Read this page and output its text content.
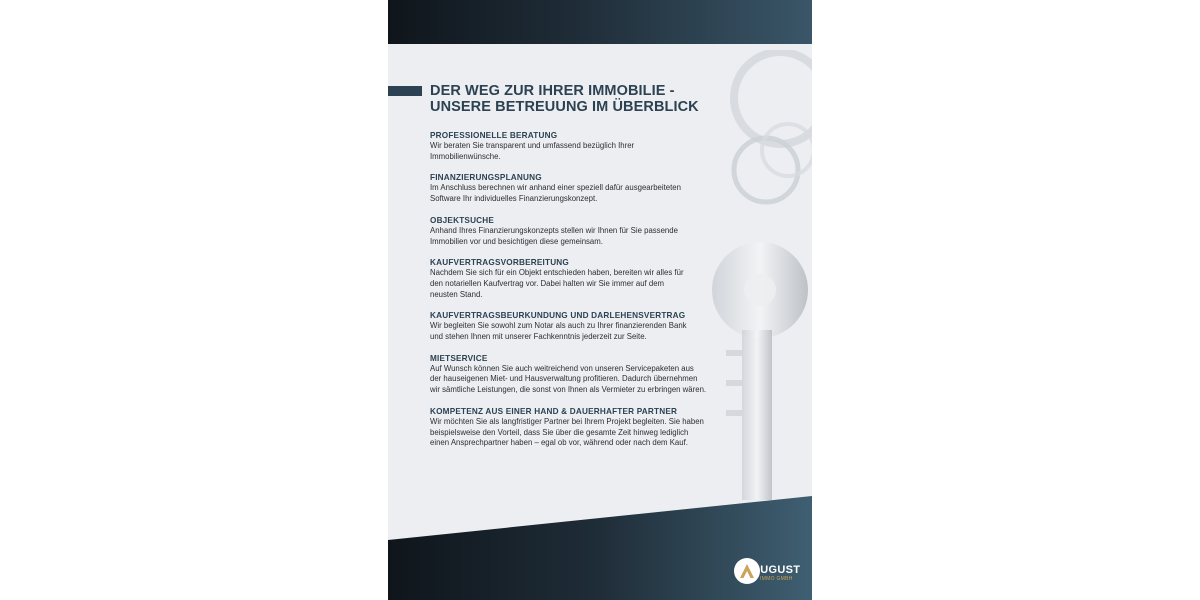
DER WEG ZUR IHRER IMMOBILIE -
UNSERE BETREUUNG IM ÜBERBLICK
PROFESSIONELLE BERATUNG
Wir beraten Sie transparent und umfassend bezüglich Ihrer
Immobilienwünsche.
FINANZIERUNGSPLANUNG
Im Anschluss berechnen wir anhand einer speziell dafür ausgearbeiteten
Software Ihr individuelles Finanzierungskonzept.
OBJEKTSUCHE
Anhand Ihres Finanzierungskonzepts stellen wir Ihnen für Sie passende
Immobilien vor und besichtigen diese gemeinsam.
KAUFVERTRAGSVORBEREITUNG
Nachdem Sie sich für ein Objekt entschieden haben, bereiten wir alles für
den notariellen Kaufvertrag vor. Dabei halten wir Sie immer auf dem
neusten Stand.
KAUFVERTRAGSBEURKUNDUNG UND DARLEHENSVERTRAG
Wir begleiten Sie sowohl zum Notar als auch zu Ihrer finanzierenden Bank
und stehen Ihnen mit unserer Fachkenntnis jederzeit zur Seite.
MIETSERVICE
Auf Wunsch können Sie auch weitreichend von unseren Servicepaketen aus
der hauseigenen Miet- und Hausverwaltung profitieren. Dadurch übernehmen
wir sämtliche Leistungen, die sonst von Ihnen als Vermieter zu erbringen wären.
KOMPETENZ AUS EINER HAND & DAUERHAFTER PARTNER
Wir möchten Sie als langfristiger Partner bei Ihrem Projekt begleiten. Sie haben
beispielsweise den Vorteil, dass Sie über die gesamte Zeit hinweg lediglich
einen Ansprechpartner haben – egal ob vor, während oder nach dem Kauf.
AUGUST
IMMO GMBH
